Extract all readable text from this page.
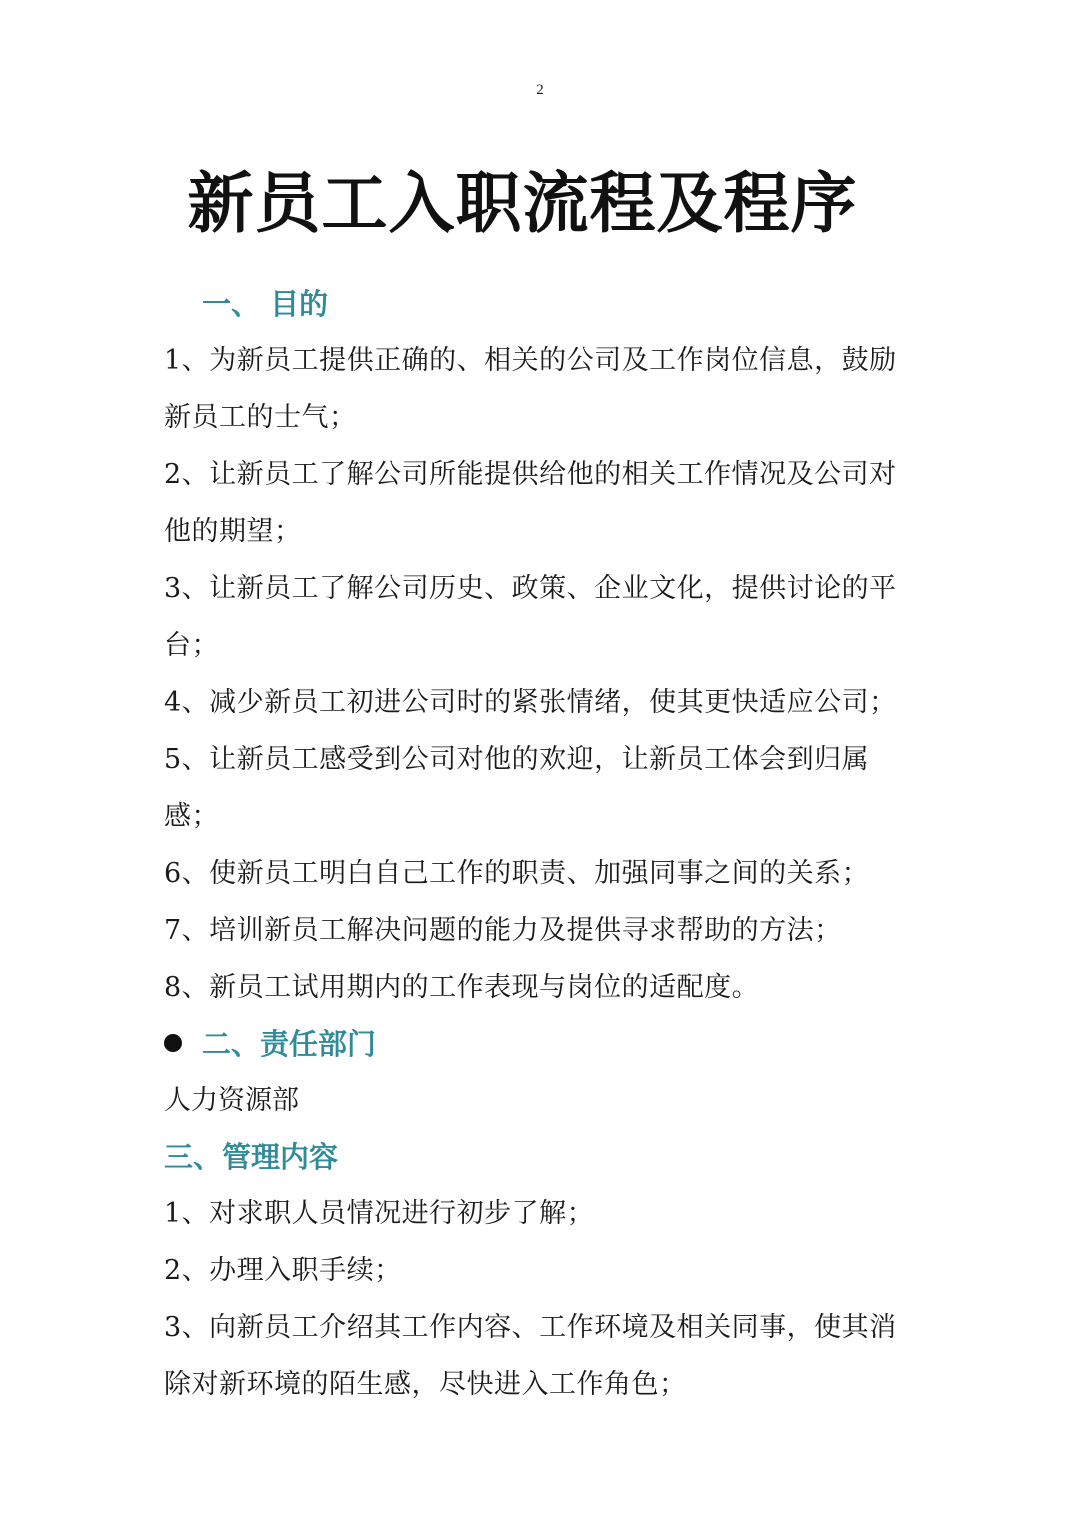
2
新员工入职流程及程序
一、 目的

1、为新员工提供正确的、相关的公司及工作岗位信息，鼓励新员工的士气；

2、让新员工了解公司所能提供给他的相关工作情况及公司对他的期望；

3、让新员工了解公司历史、政策、企业文化，提供讨论的平台；

4、减少新员工初进公司时的紧张情绪，使其更快适应公司；

5、让新员工感受到公司对他的欢迎，让新员工体会到归属感；

6、使新员工明白自己工作的职责、加强同事之间的关系；

7、培训新员工解决问题的能力及提供寻求帮助的方法；

8、新员工试用期内的工作表现与岗位的适配度。

二、责任部门

人力资源部

三、管理内容

1、对求职人员情况进行初步了解；

2、办理入职手续；

3、向新员工介绍其工作内容、工作环境及相关同事，使其消除对新环境的陌生感，尽快进入工作角色；
